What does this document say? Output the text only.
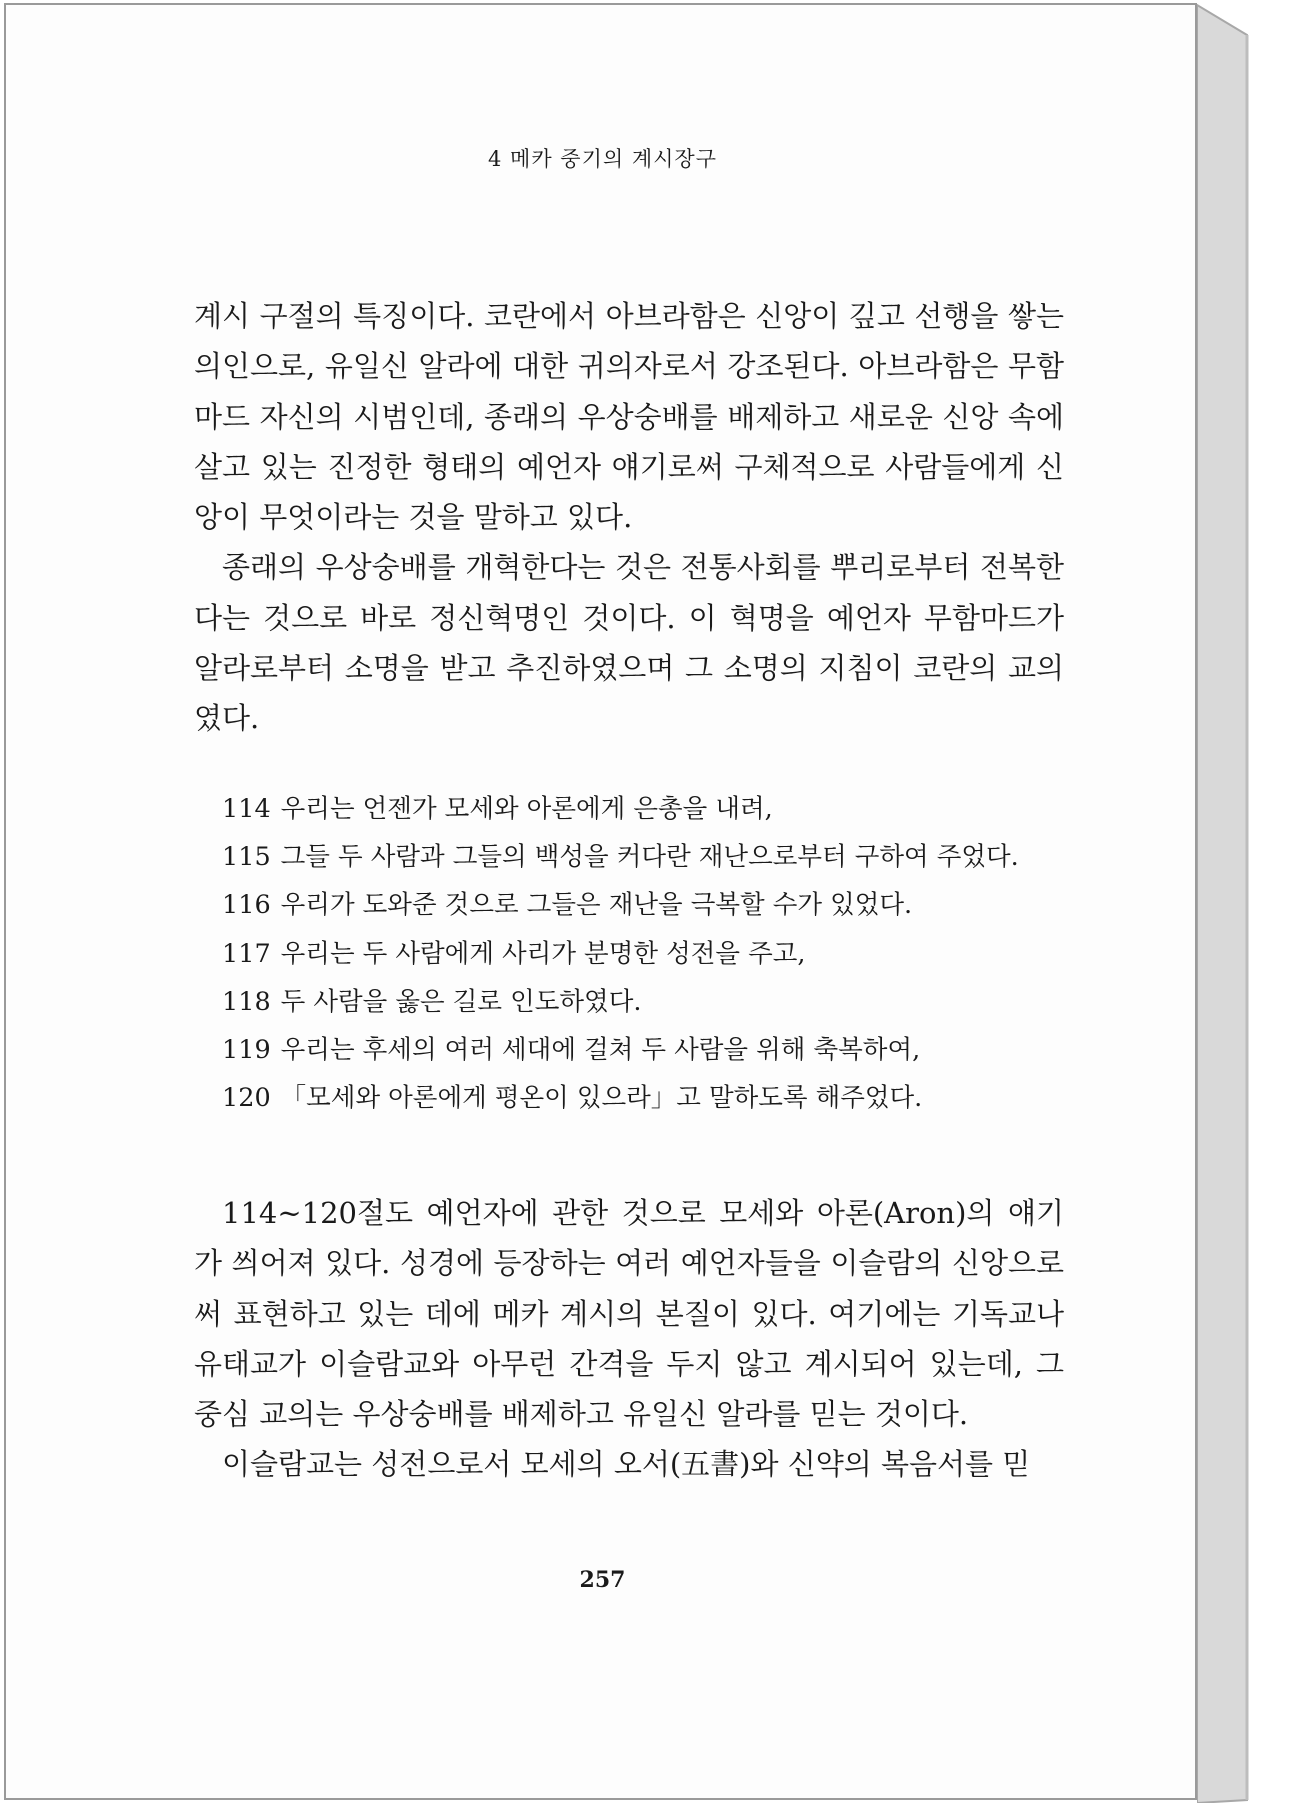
4 메카 중기의 계시장구

계시 구절의 특징이다. 코란에서 아브라함은 신앙이 깊고 선행을 쌓는 의인으로, 유일신 알라에 대한 귀의자로서 강조된다. 아브라함은 무함마드 자신의 시범인데, 종래의 우상숭배를 배제하고 새로운 신앙 속에 살고 있는 진정한 형태의 예언자 얘기로써 구체적으로 사람들에게 신앙이 무엇이라는 것을 말하고 있다.

종래의 우상숭배를 개혁한다는 것은 전통사회를 뿌리로부터 전복한다는 것으로 바로 정신혁명인 것이다. 이 혁명을 예언자 무함마드가 알라로부터 소명을 받고 추진하였으며 그 소명의 지침이 코란의 교의였다.

114 우리는 언젠가 모세와 아론에게 은총을 내려,
115 그들 두 사람과 그들의 백성을 커다란 재난으로부터 구하여 주었다.
116 우리가 도와준 것으로 그들은 재난을 극복할 수가 있었다.
117 우리는 두 사람에게 사리가 분명한 성전을 주고,
118 두 사람을 옳은 길로 인도하였다.
119 우리는 후세의 여러 세대에 걸쳐 두 사람을 위해 축복하여,
120 「모세와 아론에게 평온이 있으라」고 말하도록 해주었다.

114~120절도 예언자에 관한 것으로 모세와 아론(Aron)의 얘기가 씌어져 있다. 성경에 등장하는 여러 예언자들을 이슬람의 신앙으로써 표현하고 있는 데에 메카 계시의 본질이 있다. 여기에는 기독교나 유태교가 이슬람교와 아무런 간격을 두지 않고 계시되어 있는데, 그 중심 교의는 우상숭배를 배제하고 유일신 알라를 믿는 것이다.

이슬람교는 성전으로서 모세의 오서(五書)와 신약의 복음서를 믿

257
